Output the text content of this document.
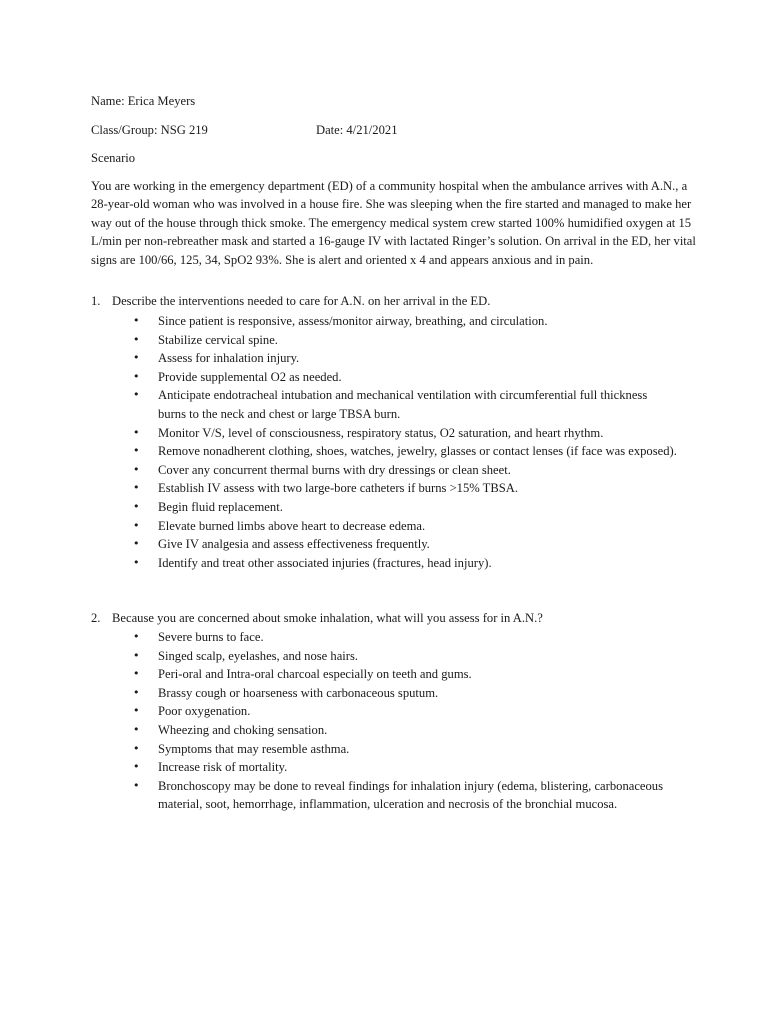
Name: Erica Meyers
Class/Group: NSG 219	Date: 4/21/2021
Scenario

You are working in the emergency department (ED) of a community hospital when the ambulance arrives with A.N., a 28-year-old woman who was involved in a house fire. She was sleeping when the fire started and managed to make her way out of the house through thick smoke. The emergency medical system crew started 100% humidified oxygen at 15 L/min per non-rebreather mask and started a 16-gauge IV with lactated Ringer’s solution. On arrival in the ED, her vital signs are 100/66, 125, 34, SpO2 93%. She is alert and oriented x 4 and appears anxious and in pain.

1. Describe the interventions needed to care for A.N. on her arrival in the ED.
• Since patient is responsive, assess/monitor airway, breathing, and circulation.
• Stabilize cervical spine.
• Assess for inhalation injury.
• Provide supplemental O2 as needed.
• Anticipate endotracheal intubation and mechanical ventilation with circumferential full thickness burns to the neck and chest or large TBSA burn.
• Monitor V/S, level of consciousness, respiratory status, O2 saturation, and heart rhythm.
• Remove nonadherent clothing, shoes, watches, jewelry, glasses or contact lenses (if face was exposed).
• Cover any concurrent thermal burns with dry dressings or clean sheet.
• Establish IV assess with two large-bore catheters if burns >15% TBSA.
• Begin fluid replacement.
• Elevate burned limbs above heart to decrease edema.
• Give IV analgesia and assess effectiveness frequently.
• Identify and treat other associated injuries (fractures, head injury).
2. Because you are concerned about smoke inhalation, what will you assess for in A.N.?
• Severe burns to face.
• Singed scalp, eyelashes, and nose hairs.
• Peri-oral and Intra-oral charcoal especially on teeth and gums.
• Brassy cough or hoarseness with carbonaceous sputum.
• Poor oxygenation.
• Wheezing and choking sensation.
• Symptoms that may resemble asthma.
• Increase risk of mortality.
• Bronchoscopy may be done to reveal findings for inhalation injury (edema, blistering, carbonaceous material, soot, hemorrhage, inflammation, ulceration and necrosis of the bronchial mucosa.
